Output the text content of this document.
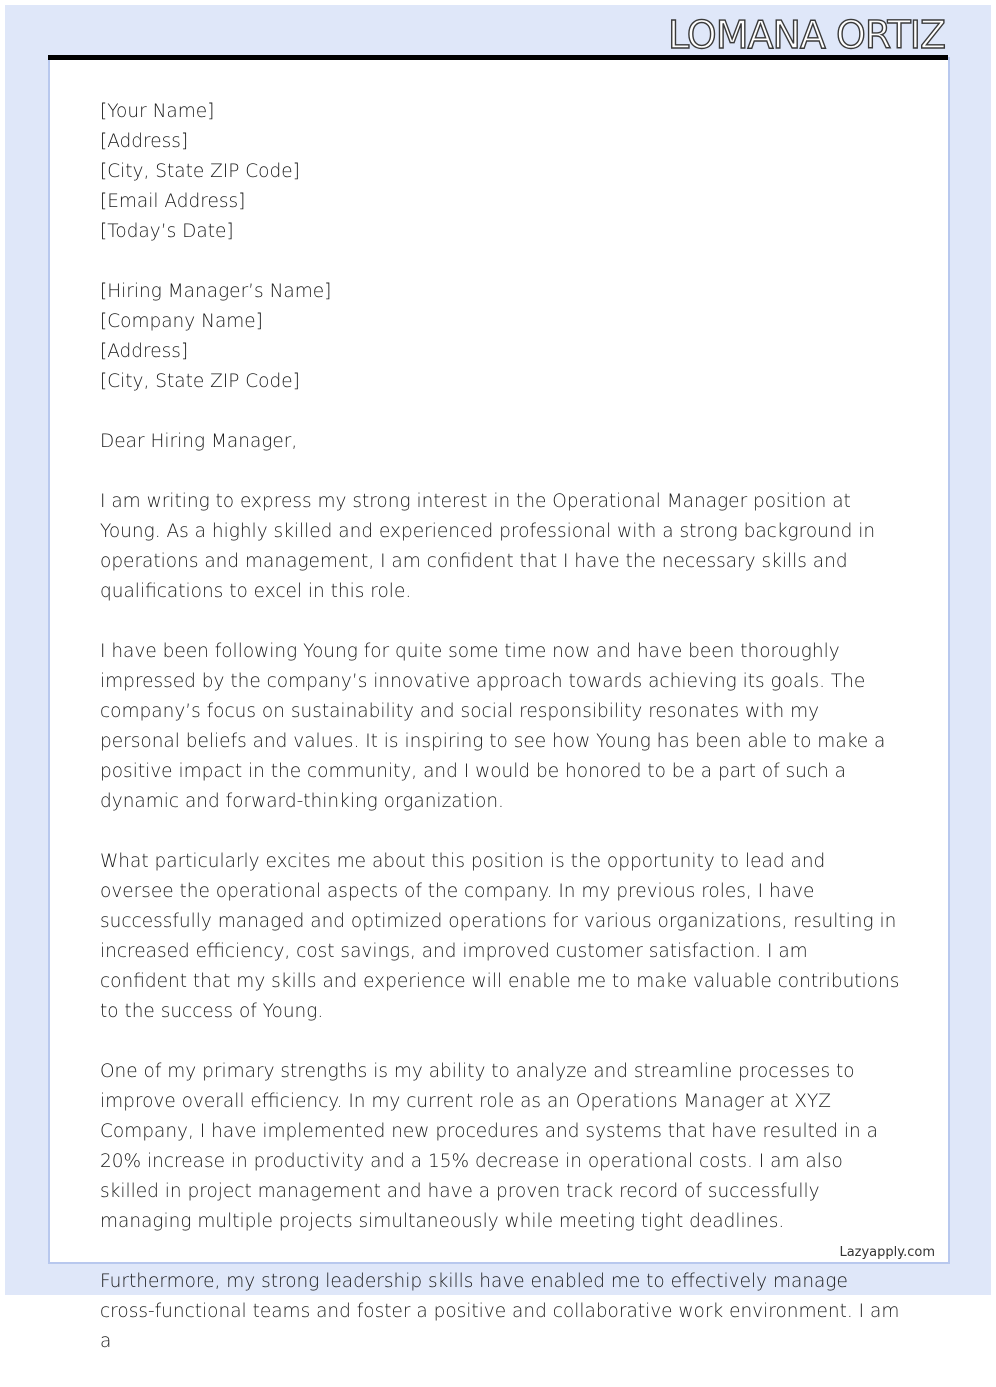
LOMANA ORTIZ
[Your Name]
[Address]
[City, State ZIP Code]
[Email Address]
[Today’s Date]
[Hiring Manager’s Name]
[Company Name]
[Address]
[City, State ZIP Code]

Dear Hiring Manager,

I am writing to express my strong interest in the Operational Manager position at Young. As a highly skilled and experienced professional with a strong background in operations and management, I am confident that I have the necessary skills and qualifications to excel in this role.

I have been following Young for quite some time now and have been thoroughly impressed by the company’s innovative approach towards achieving its goals. The company’s focus on sustainability and social responsibility resonates with my personal beliefs and values. It is inspiring to see how Young has been able to make a positive impact in the community, and I would be honored to be a part of such a dynamic and forward-thinking organization.

What particularly excites me about this position is the opportunity to lead and oversee the operational aspects of the company. In my previous roles, I have successfully managed and optimized operations for various organizations, resulting in increased efficiency, cost savings, and improved customer satisfaction. I am confident that my skills and experience will enable me to make valuable contributions to the success of Young.

One of my primary strengths is my ability to analyze and streamline processes to improve overall efficiency. In my current role as an Operations Manager at XYZ Company, I have implemented new procedures and systems that have resulted in a 20% increase in productivity and a 15% decrease in operational costs. I am also skilled in project management and have a proven track record of successfully managing multiple projects simultaneously while meeting tight deadlines.

Furthermore, my strong leadership skills have enabled me to effectively manage cross-functional teams and foster a positive and collaborative work environment. I am a

Lazyapply.com
